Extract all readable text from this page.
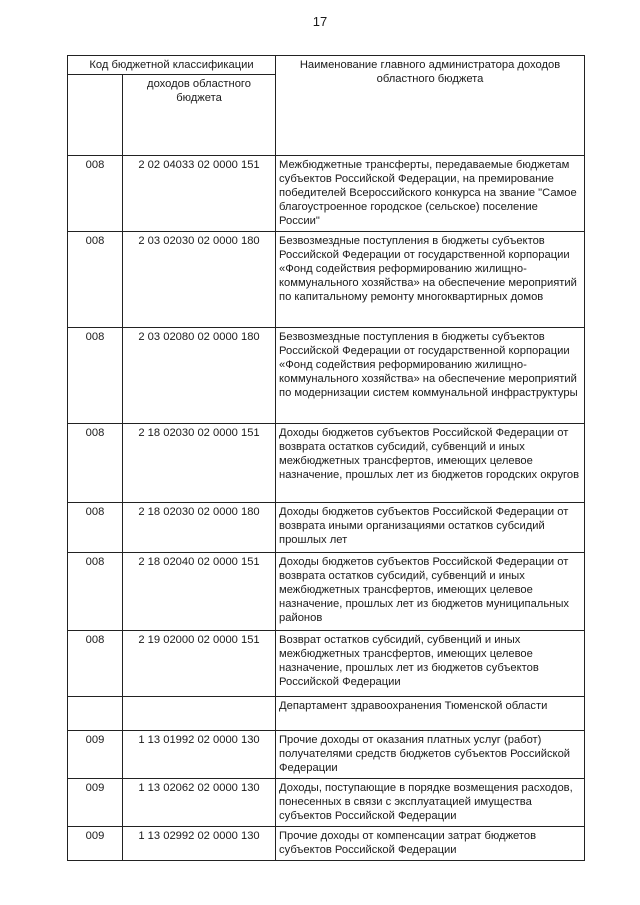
17
Код бюджетной классификации		Наименование главного администратора доходов областного бюджета
	доходов областного бюджета	
008	2 02 04033 02 0000 151	Межбюджетные трансферты, передаваемые бюджетам субъектов Российской Федерации, на премирование победителей Всероссийского конкурса на звание "Самое благоустроенное городское (сельское) поселение России"
008	2 03 02030 02 0000 180	Безвозмездные поступления в бюджеты субъектов Российской Федерации от государственной корпорации «Фонд содействия реформированию жилищно-коммунального хозяйства» на обеспечение мероприятий по капитальному ремонту многоквартирных домов
008	2 03 02080 02 0000 180	Безвозмездные поступления в бюджеты субъектов Российской Федерации от государственной корпорации «Фонд содействия реформированию жилищно-коммунального хозяйства» на обеспечение мероприятий по модернизации систем коммунальной инфраструктуры
008	2 18 02030 02 0000 151	Доходы бюджетов субъектов Российской Федерации от возврата остатков субсидий, субвенций и иных межбюджетных трансфертов, имеющих целевое назначение, прошлых лет из бюджетов городских округов
008	2 18 02030 02 0000 180	Доходы бюджетов субъектов Российской Федерации от возврата иными организациями остатков субсидий прошлых лет
008	2 18 02040 02 0000 151	Доходы бюджетов субъектов Российской Федерации от возврата остатков субсидий, субвенций и иных межбюджетных трансфертов, имеющих целевое назначение, прошлых лет из бюджетов муниципальных районов
008	2 19 02000 02 0000 151	Возврат остатков субсидий, субвенций и иных межбюджетных трансфертов, имеющих целевое назначение, прошлых лет из бюджетов субъектов Российской Федерации
		Департамент здравоохранения Тюменской области
009	1 13 01992 02 0000 130	Прочие доходы от оказания платных услуг (работ) получателями средств бюджетов субъектов Российской Федерации
009	1 13 02062 02 0000 130	Доходы, поступающие в порядке возмещения расходов, понесенных в связи с эксплуатацией имущества субъектов Российской Федерации
009	1 13 02992 02 0000 130	Прочие доходы от компенсации затрат бюджетов субъектов Российской Федерации
